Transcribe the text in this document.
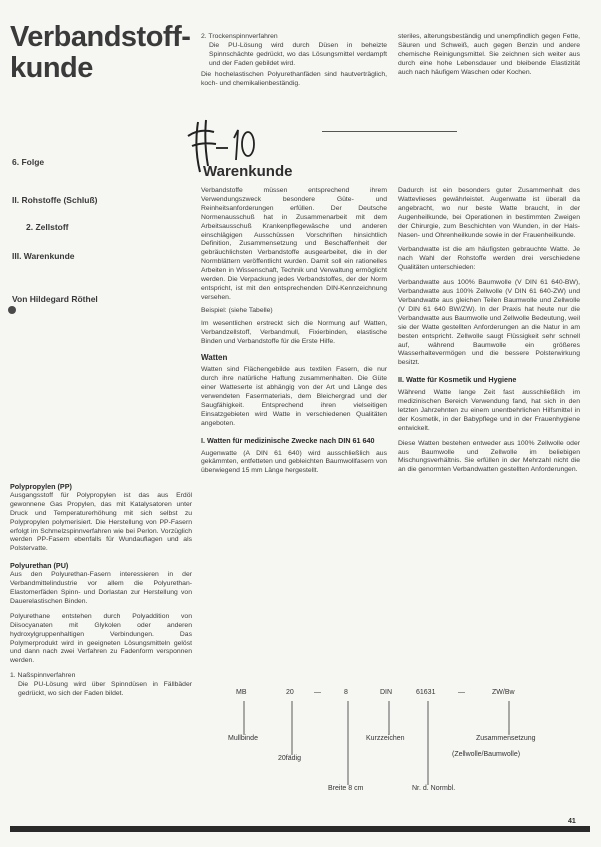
Verbandstoff-
kunde
6. Folge
II. Rohstoffe (Schluß)
2. Zellstoff
III. Warenkunde
Von Hildegard Röthel
Polypropylen (PP)

Ausgangsstoff für Polypropylen ist das aus Erdöl gewonnene Gas Propylen, das mit Katalysatoren unter Druck und Temperaturerhöhung mit sich selbst zu Polypropylen polymerisiert. Die Herstellung von PP-Fasern erfolgt im Schmelzspinnverfahren wie bei Perlon. Vorzüglich werden PP-Fasern ebenfalls für Wundauflagen und als Polstervatte.

Polyurethan (PU)

Aus den Polyurethan-Fasern interessieren in der Verbandmittelindustrie vor allem die Polyurethan-Elastomerfäden Spinn- und Dorlastan zur Herstellung von Dauerelastischen Binden.

Polyurethane entstehen durch Polyaddition von Diisocyanaten mit Glykolen oder anderen hydroxylgruppenhaltigen Verbindungen. Das Polymerprodukt wird in geeigneten Lösungsmitteln gelöst und dann nach zwei Verfahren zu Fadenform versponnen werden.

1. Naßspinnverfahren

Die PU-Lösung wird über Spinndüsen in Fällbäder gedrückt, wo sich der Faden bildet.

2. Trockenspinnverfahren

Die PU-Lösung wird durch Düsen in beheizte Spinnschächte gedrückt, wo das Lösungsmittel verdampft und der Faden gebildet wird.

Die hochelastischen Polyurethanfäden sind hautverträglich, koch- und chemikalienbeständig.

Warenkunde

Verbandstoffe müssen entsprechend ihrem Verwendungszweck besondere Güte- und Reinheitsanforderungen erfüllen. Der Deutsche Normenausschuß hat in Zusammenarbeit mit dem Arbeitsausschuß Krankenpflegewäsche und anderen einschlägigen Ausschüssen Vorschriften hinsichtlich Definition, Zusammensetzung und Beschaffenheit der gebräuchlichsten Verbandstoffe ausgearbeitet, die in der Normblättern veröffentlicht wurden. Damit soll ein rationelles Arbeiten in Wissenschaft, Technik und Verwaltung ermöglicht werden. Die Verpackung jedes Verbandstoffes, der der Norm entspricht, ist mit den entsprechenden DIN-Kennzeichnung versehen.

Beispiel: (siehe Tabelle)

Im wesentlichen erstreckt sich die Normung auf Watten, Verbandzellstoff, Verbandmull, Fixierbinden, elastische Binden und Verbandstoffe für die Erste Hilfe.

Watten

Watten sind Flächengebilde aus textilen Fasern, die nur durch ihre natürliche Haftung zusammenhalten. Die Güte einer Watteserte ist abhängig von der Art und Länge des verwendeten Fasermaterials, dem Bleichergrad und der Saugfähigkeit. Entsprechend ihren vielseitigen Einsatzgebieten wird Watte in verschiedenen Qualitäten angeboten.

I. Watten für medizinische Zwecke nach DIN 61 640

Augenwatte (A DIN 61 640) wird ausschließlich aus gekämmten, entfetteten und gebleichten Baumwollfasern von überwiegend 15 mm Länge hergestellt.

steriles, alterungsbeständig und unempfindlich gegen Fette, Säuren und Schweiß, auch gegen Benzin und andere chemische Reinigungsmittel. Sie zeichnen sich weiter aus durch eine hohe Lebensdauer und bleibende Elastizität auch nach häufigem Waschen oder Kochen.

Dadurch ist ein besonders guter Zusammenhalt des Wattevlieses gewährleistet. Augenwatte ist überall da angebracht, wo nur beste Watte braucht, in der Augenheilkunde, bei Operationen in bestimmten Zweigen der Chirurgie, zum Beschichten von Wunden, in der Hals-Nasen- und Ohrenheilkunde sowie in der Frauenheilkunde.

Verbandwatte ist die am häufigsten gebrauchte Watte. Je nach Wahl der Rohstoffe werden drei verschiedene Qualitäten unterschieden:

Verbandwatte aus 100% Baumwolle (V DIN 61 640-BW), Verbandwatte aus 100% Zellwolle (V DIN 61 640-ZW) und Verbandwatte aus gleichen Teilen Baumwolle und Zellwolle (V DIN 61 640 BW/ZW). In der Praxis hat heute nur die Verbandwatte aus Baumwolle und Zellwolle Bedeutung, weil sie der Watte gestellten Anforderungen an die Natur in am besten entspricht. Zellwolle saugt Flüssigkeit sehr schnell auf, während Baumwolle ein größeres Wasserhaltevermögen und die bessere Polsterwirkung besitzt.

II. Watte für Kosmetik und Hygiene

Während Watte lange Zeit fast ausschließlich im medizinischen Bereich Verwendung fand, hat sich in den letzten Jahrzehnten zu einem unentbehrlichen Hilfsmittel in der Kosmetik, in der Babypflege und in der Frauenhygiene entwickelt.

Diese Watten bestehen entweder aus 100% Zellwolle oder aus Baumwolle und Zellwolle im beliebigen Mischungsverhältnis. Sie erfüllen in der Mehrzahl nicht die an die genormten Verbandwatten gestellten Anforderungen.

MB	20	—	8	DIN	61631	—	ZW/Bw
Mullbinde
20fädig
Kurzzeichen	Zusammensetzung
(Zellwolle/Baumwolle)
Breite 8 cm	Nr. d. Normbl.
41
